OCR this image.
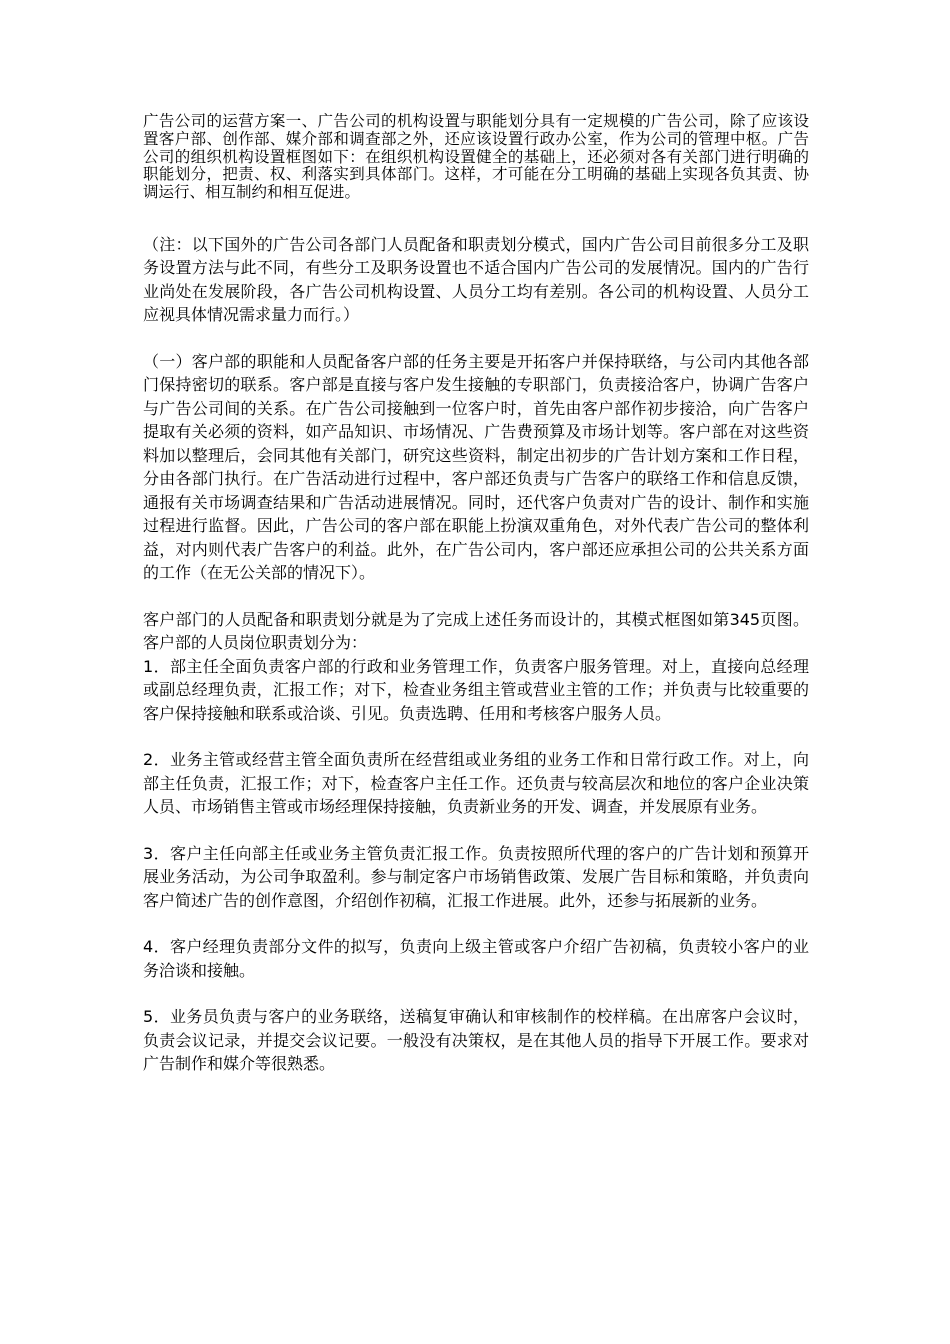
广告公司的运营方案一、广告公司的机构设置与职能划分具有一定规模的广告公司，除了应该设置客户部、创作部、媒介部和调查部之外，还应该设置行政办公室，作为公司的管理中枢。广告公司的组织机构设置框图如下：在组织机构设置健全的基础上，还必须对各有关部门进行明确的职能划分，把责、权、利落实到具体部门。这样，才可能在分工明确的基础上实现各负其责、协调运行、相互制约和相互促进。

（注：以下国外的广告公司各部门人员配备和职责划分模式，国内广告公司目前很多分工及职务设置方法与此不同，有些分工及职务设置也不适合国内广告公司的发展情况。国内的广告行业尚处在发展阶段，各广告公司机构设置、人员分工均有差别。各公司的机构设置、人员分工应视具体情况需求量力而行。）

（一）客户部的职能和人员配备客户部的任务主要是开拓客户并保持联络，与公司内其他各部门保持密切的联系。客户部是直接与客户发生接触的专职部门，负责接洽客户，协调广告客户与广告公司间的关系。在广告公司接触到一位客户时，首先由客户部作初步接洽，向广告客户提取有关必须的资料，如产品知识、市场情况、广告费预算及市场计划等。客户部在对这些资料加以整理后，会同其他有关部门，研究这些资料，制定出初步的广告计划方案和工作日程，分由各部门执行。在广告活动进行过程中，客户部还负责与广告客户的联络工作和信息反馈，通报有关市场调查结果和广告活动进展情况。同时，还代客户负责对广告的设计、制作和实施过程进行监督。因此，广告公司的客户部在职能上扮演双重角色，对外代表广告公司的整体利益，对内则代表广告客户的利益。此外，在广告公司内，客户部还应承担公司的公共关系方面的工作（在无公关部的情况下）。

客户部门的人员配备和职责划分就是为了完成上述任务而设计的，其模式框图如第345页图。客户部的人员岗位职责划分为：

1．部主任全面负责客户部的行政和业务管理工作，负责客户服务管理。对上，直接向总经理或副总经理负责，汇报工作；对下，检查业务组主管或营业主管的工作；并负责与比较重要的客户保持接触和联系或洽谈、引见。负责选聘、任用和考核客户服务人员。

2．业务主管或经营主管全面负责所在经营组或业务组的业务工作和日常行政工作。对上，向部主任负责，汇报工作；对下，检查客户主任工作。还负责与较高层次和地位的客户企业决策人员、市场销售主管或市场经理保持接触，负责新业务的开发、调查，并发展原有业务。

3．客户主任向部主任或业务主管负责汇报工作。负责按照所代理的客户的广告计划和预算开展业务活动，为公司争取盈利。参与制定客户市场销售政策、发展广告目标和策略，并负责向客户简述广告的创作意图，介绍创作初稿，汇报工作进展。此外，还参与拓展新的业务。

4．客户经理负责部分文件的拟写，负责向上级主管或客户介绍广告初稿，负责较小客户的业务洽谈和接触。

5．业务员负责与客户的业务联络，送稿复审确认和审核制作的校样稿。在出席客户会议时，负责会议记录，并提交会议记要。一般没有决策权，是在其他人员的指导下开展工作。要求对广告制作和媒介等很熟悉。
